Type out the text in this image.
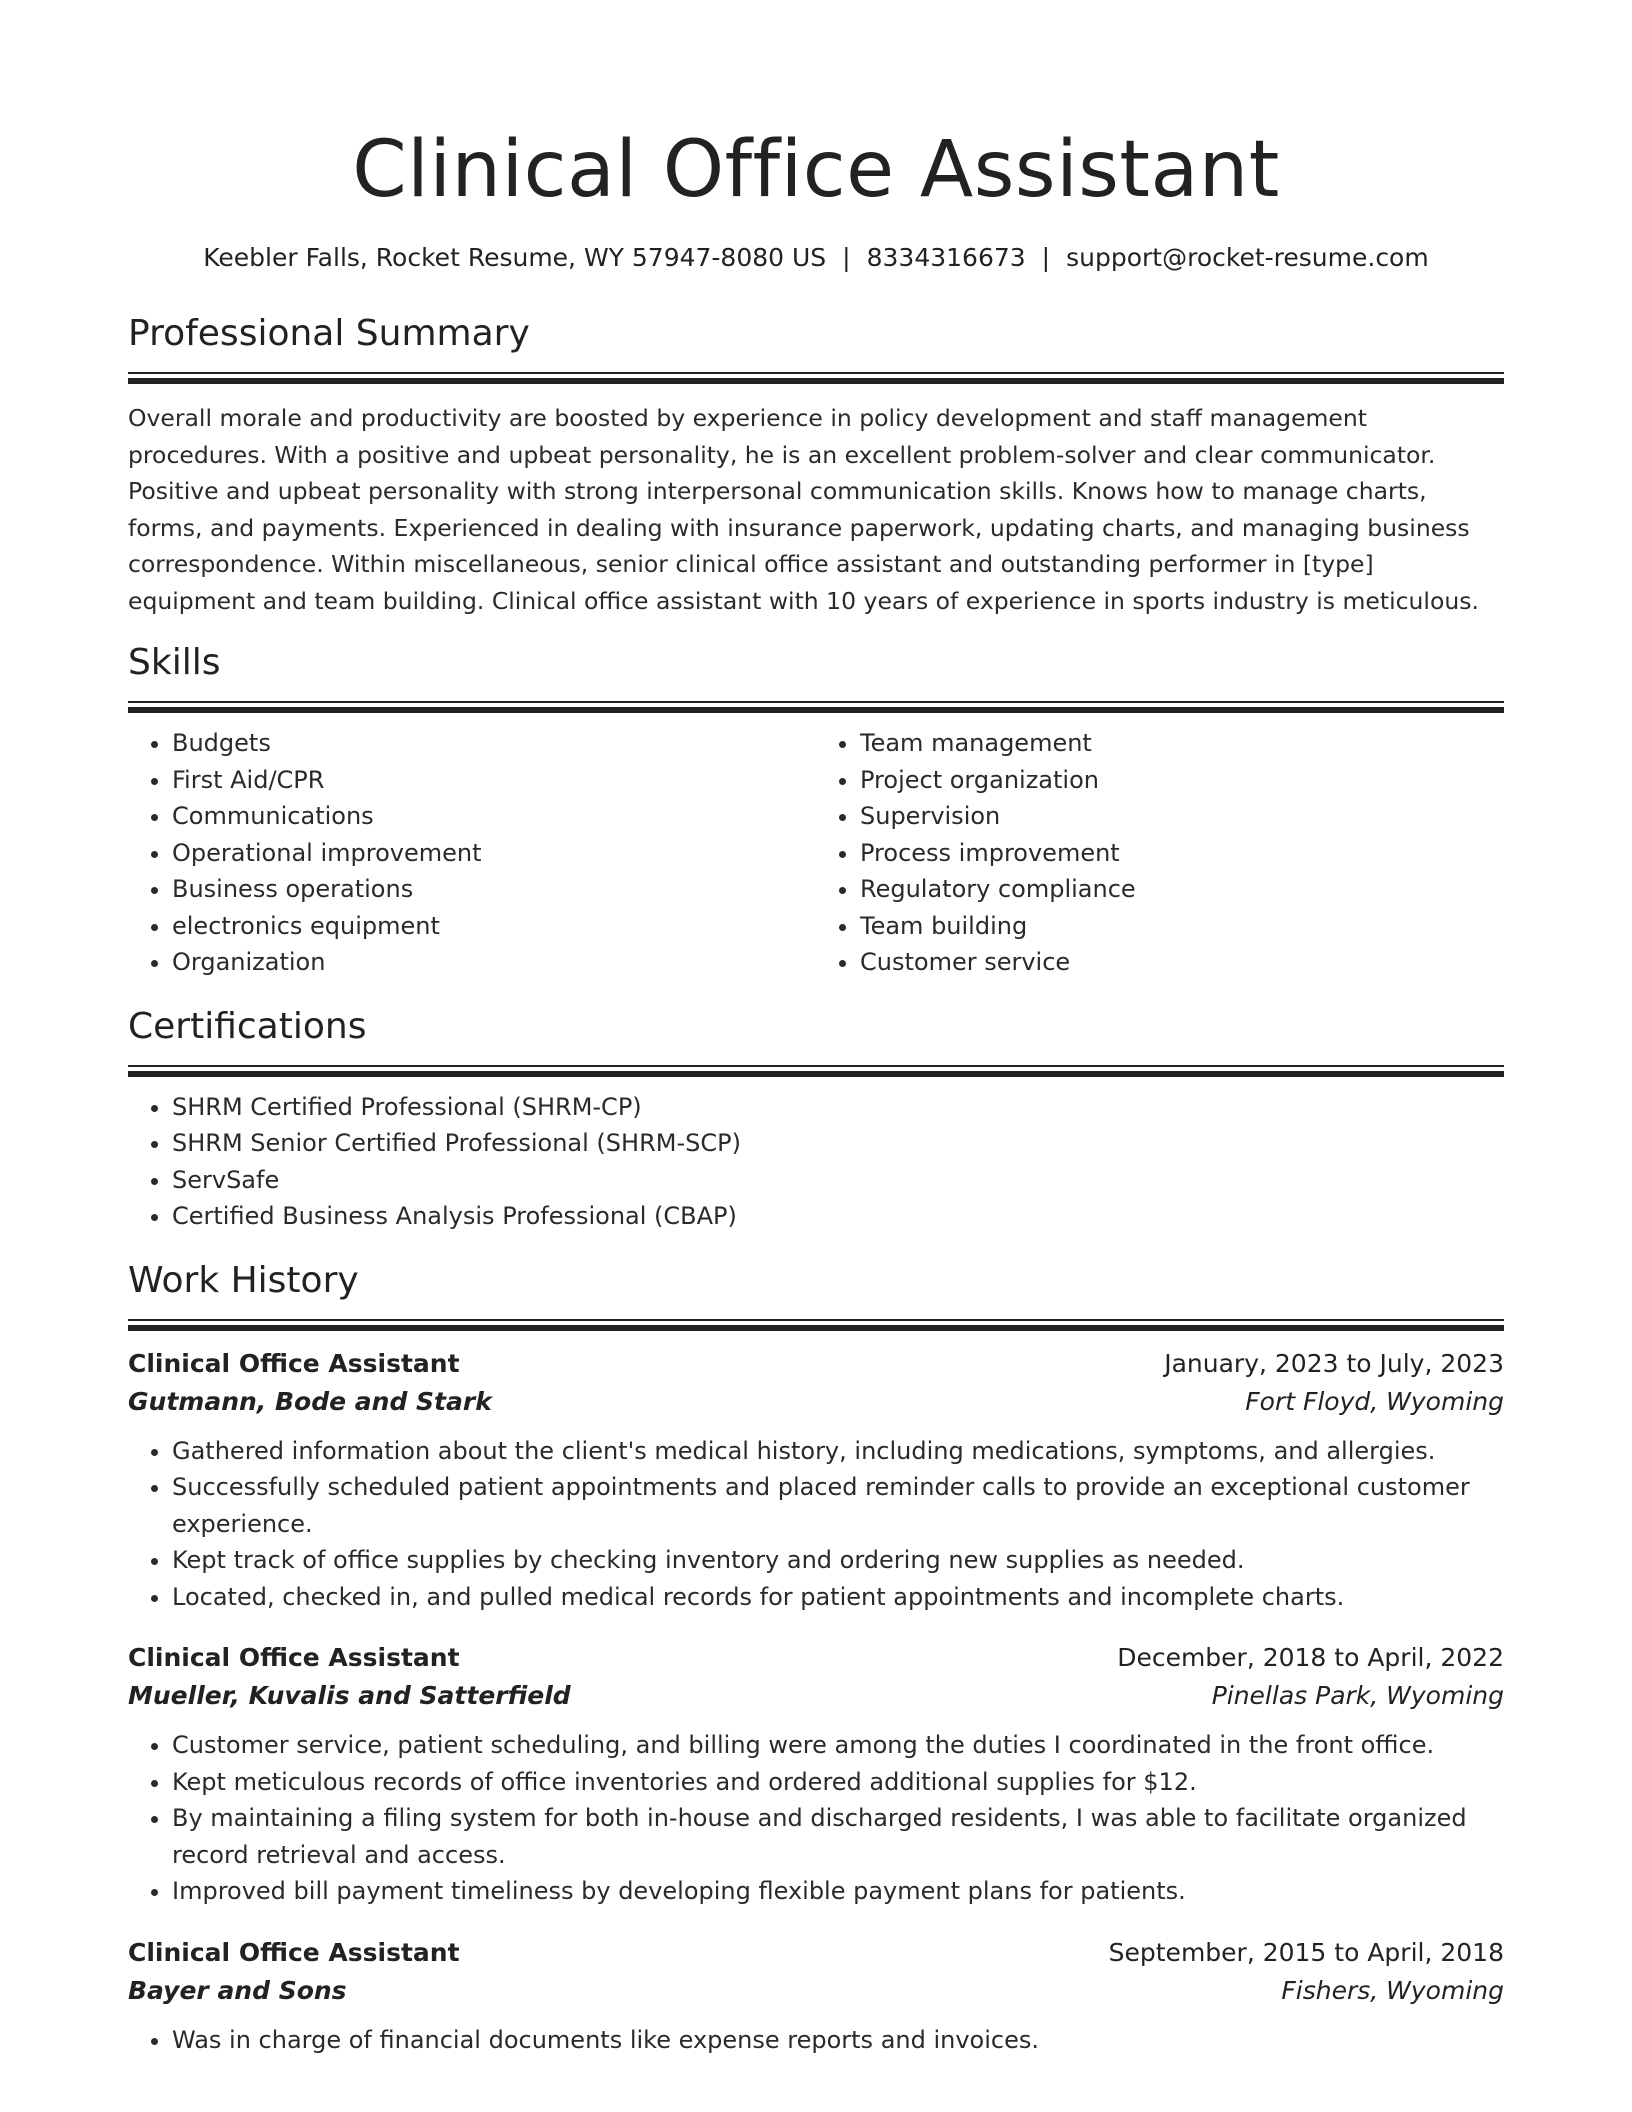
Clinical Office Assistant
Keebler Falls, Rocket Resume, WY 57947-8080 US | 8334316673 | support@rocket-resume.com
Professional Summary
Overall morale and productivity are boosted by experience in policy development and staff management procedures. With a positive and upbeat personality, he is an excellent problem-solver and clear communicator. Positive and upbeat personality with strong interpersonal communication skills. Knows how to manage charts, forms, and payments. Experienced in dealing with insurance paperwork, updating charts, and managing business correspondence. Within miscellaneous, senior clinical office assistant and outstanding performer in [type] equipment and team building. Clinical office assistant with 10 years of experience in sports industry is meticulous.
Skills
• Budgets
• First Aid/CPR
• Communications
• Operational improvement
• Business operations
• electronics equipment
• Organization
• Team management
• Project organization
• Supervision
• Process improvement
• Regulatory compliance
• Team building
• Customer service
Certifications
• SHRM Certified Professional (SHRM-CP)
• SHRM Senior Certified Professional (SHRM-SCP)
• ServSafe
• Certified Business Analysis Professional (CBAP)
Work History
Clinical Office Assistant	January, 2023 to July, 2023
Gutmann, Bode and Stark	Fort Floyd, Wyoming
• Gathered information about the client's medical history, including medications, symptoms, and allergies.
• Successfully scheduled patient appointments and placed reminder calls to provide an exceptional customer experience.
• Kept track of office supplies by checking inventory and ordering new supplies as needed.
• Located, checked in, and pulled medical records for patient appointments and incomplete charts.
Clinical Office Assistant	December, 2018 to April, 2022
Mueller, Kuvalis and Satterfield	Pinellas Park, Wyoming
• Customer service, patient scheduling, and billing were among the duties I coordinated in the front office.
• Kept meticulous records of office inventories and ordered additional supplies for $12.
• By maintaining a filing system for both in-house and discharged residents, I was able to facilitate organized record retrieval and access.
• Improved bill payment timeliness by developing flexible payment plans for patients.
Clinical Office Assistant	September, 2015 to April, 2018
Bayer and Sons	Fishers, Wyoming
• Was in charge of financial documents like expense reports and invoices.
